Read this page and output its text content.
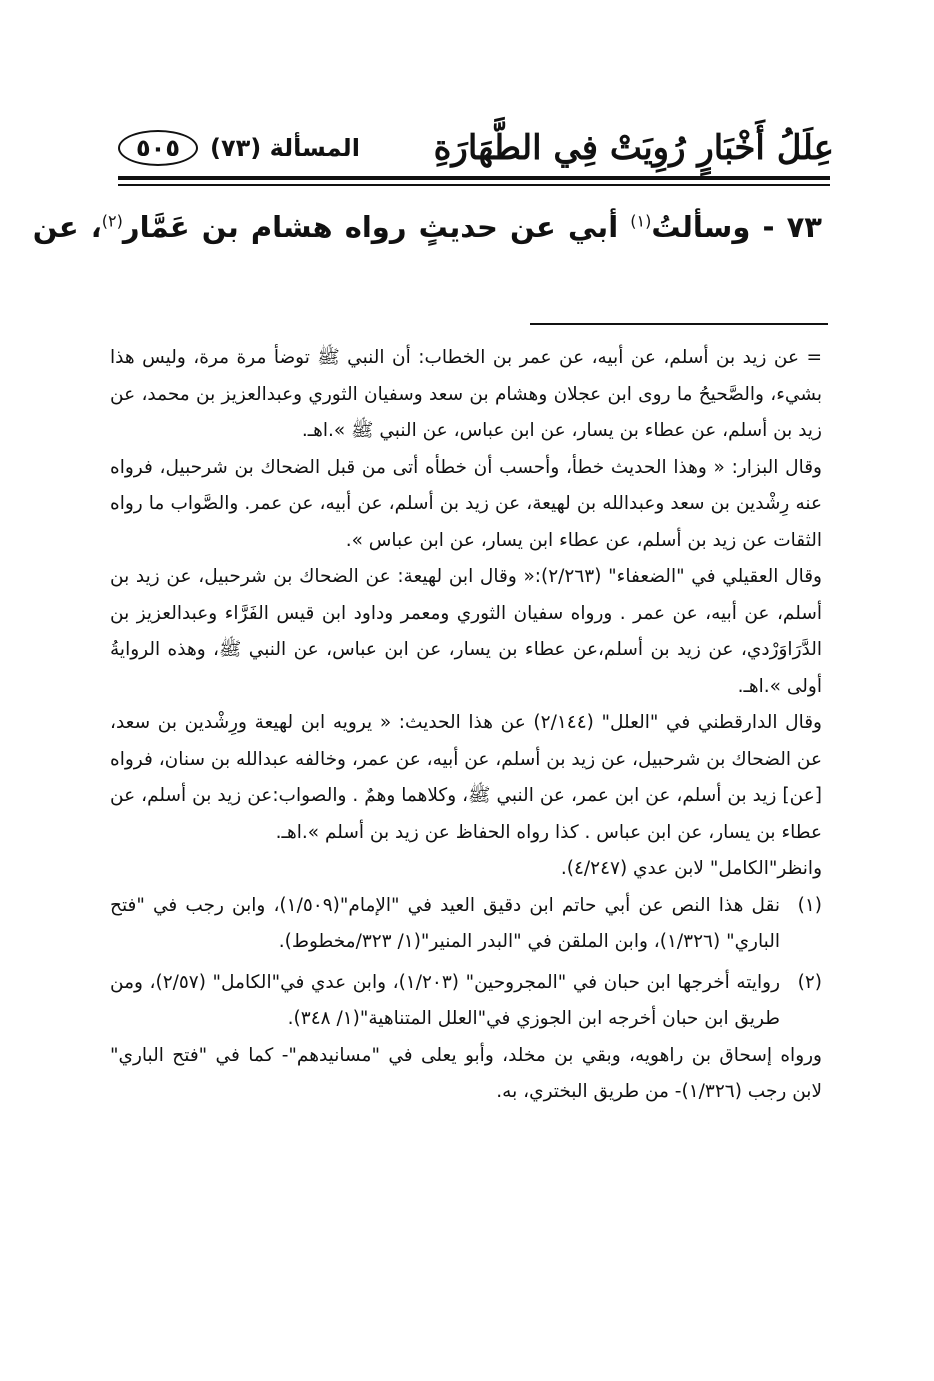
عِلَلُ أَخْبَارٍ رُوِيَتْ فِي الطَّهَارَةِ
المسألة (٧٣)
٥٠٥
٧٣ - وسألتُ$^{(١)}$ أبي عن حديثٍ رواه هشام بن عَمَّار$^{(٢)}$، عن

= عن زيد بن أسلم، عن أبيه، عن عمر بن الخطاب: أن النبي ﷺ توضأ مرة مرة، وليس هذا بشيء، والصَّحيحُ ما روى ابن عجلان وهشام بن سعد وسفيان الثوري وعبدالعزيز بن محمد، عن زيد بن أسلم، عن عطاء بن يسار، عن ابن عباس، عن النبي ﷺ ».اهـ.

وقال البزار: « وهذا الحديث خطأ، وأحسب أن خطأه أتى من قبل الضحاك بن شرحبيل، فرواه عنه رِشْدين بن سعد وعبدالله بن لهيعة، عن زيد بن أسلم، عن أبيه، عن عمر. والصَّواب ما رواه الثقات عن زيد بن أسلم، عن عطاء ابن يسار، عن ابن عباس ».

وقال العقيلي في "الضعفاء" (٢/٢٦٣):« وقال ابن لهيعة: عن الضحاك بن شرحبيل، عن زيد بن أسلم، عن أبيه، عن عمر . ورواه سفيان الثوري ومعمر وداود ابن قيس الفَرَّاء وعبدالعزيز بن الدَّرَاوَرْدي، عن زيد بن أسلم،عن عطاء بن يسار، عن ابن عباس، عن النبي ﷺ، وهذه الروايةُ أولى ».اهـ.

وقال الدارقطني في "العلل" (٢/١٤٤) عن هذا الحديث: « يرويه ابن لهيعة ورِشْدين بن سعد، عن الضحاك بن شرحبيل، عن زيد بن أسلم، عن أبيه، عن عمر، وخالفه عبدالله بن سنان، فرواه [عن] زيد بن أسلم، عن ابن عمر، عن النبي ﷺ، وكلاهما وهمٌ . والصواب:عن زيد بن أسلم، عن عطاء بن يسار، عن ابن عباس . كذا رواه الحفاظ عن زيد بن أسلم ».اهـ.

وانظر"الكامل" لابن عدي (٤/٢٤٧).

(١)
نقل هذا النص عن أبي حاتم ابن دقيق العيد في "الإمام"(١/٥٠٩)، وابن رجب في "فتح الباري" (١/٣٢٦)، وابن الملقن في "البدر المنير"(١/ ٣٢٣/مخطوط).
(٢)
روايته أخرجها ابن حبان في "المجروحين" (١/٢٠٣)، وابن عدي في"الكامل" (٢/٥٧)، ومن طريق ابن حبان أخرجه ابن الجوزي في"العلل المتناهية"(١/ ٣٤٨).

ورواه إسحاق بن راهويه، وبقي بن مخلد، وأبو يعلى في "مسانيدهم"- كما في "فتح الباري" لابن رجب (١/٣٢٦)- من طريق البختري، به.
